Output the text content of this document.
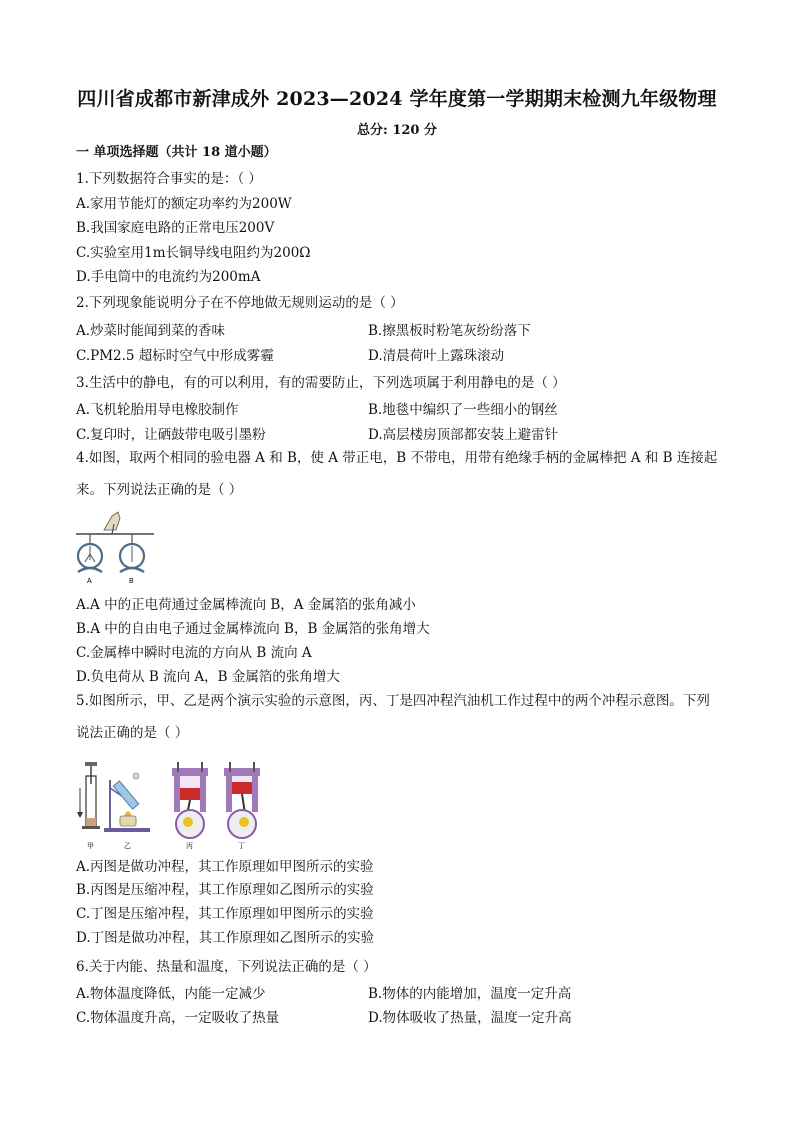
四川省成都市新津成外 2023—2024 学年度第一学期期末检测九年级物理
总分: 120 分
一 单项选择题（共计 18 道小题）
1.下列数据符合事实的是：（ ）
A.家用节能灯的额定功率约为200W
B.我国家庭电路的正常电压200V
C.实验室用1m长铜导线电阻约为200Ω
D.手电筒中的电流约为200mA
2.下列现象能说明分子在不停地做无规则运动的是（ ）
A.炒菜时能闻到菜的香味	B.擦黑板时粉笔灰纷纷落下
C.PM2.5 超标时空气中形成雾霾	D.清晨荷叶上露珠滚动
3.生活中的静电，有的可以利用，有的需要防止，下列选项属于利用静电的是（ ）
A.飞机轮胎用导电橡胶制作	B.地毯中编织了一些细小的钢丝
C.复印时，让硒鼓带电吸引墨粉	D.高层楼房顶部都安装上避雷针
4.如图，取两个相同的验电器 A 和 B，使 A 带正电，B 不带电，用带有绝缘手柄的金属棒把 A 和 B 连接起来。下列说法正确的是（ ）
A	B
A.A 中的正电荷通过金属棒流向 B，A 金属箔的张角减小
B.A 中的自由电子通过金属棒流向 B，B 金属箔的张角增大
C.金属棒中瞬时电流的方向从 B 流向 A
D.负电荷从 B 流向 A，B 金属箔的张角增大
5.如图所示，甲、乙是两个演示实验的示意图，丙、丁是四冲程汽油机工作过程中的两个冲程示意图。下列说法正确的是（ ）
丙	丁
甲	乙
A.丙图是做功冲程，其工作原理如甲图所示的实验
B.丙图是压缩冲程，其工作原理如乙图所示的实验
C.丁图是压缩冲程，其工作原理如甲图所示的实验
D.丁图是做功冲程，其工作原理如乙图所示的实验
6.关于内能、热量和温度，下列说法正确的是（ ）
A.物体温度降低，内能一定减少	B.物体的内能增加，温度一定升高
C.物体温度升高，一定吸收了热量	D.物体吸收了热量，温度一定升高
